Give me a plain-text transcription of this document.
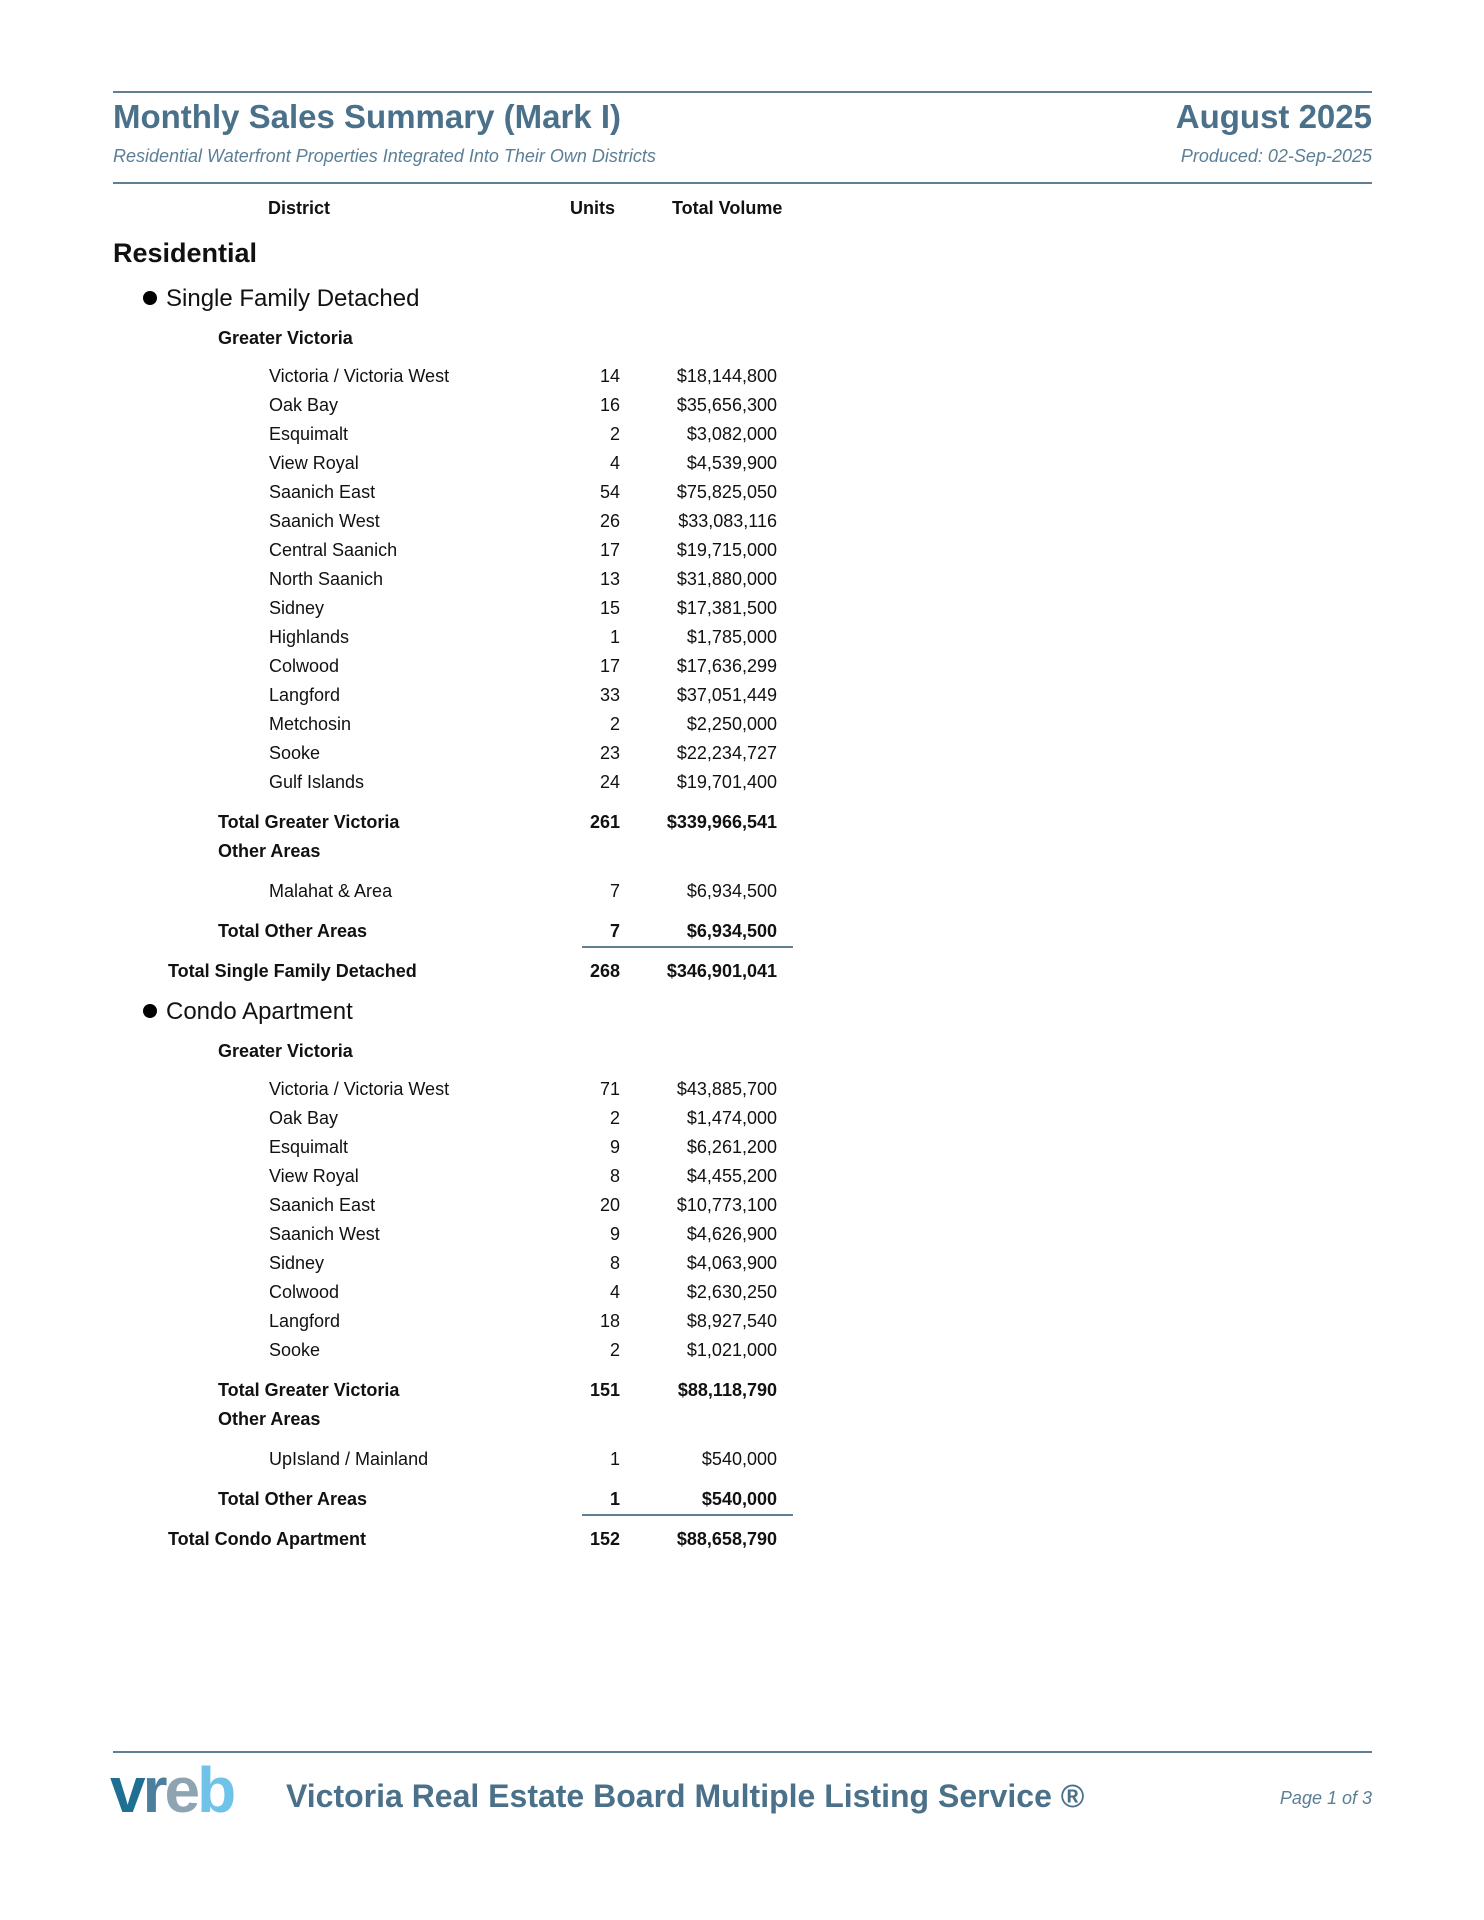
Monthly Sales Summary (Mark I)
Residential Waterfront Properties Integrated Into Their Own Districts
August 2025
Produced: 02-Sep-2025
District	Units	Total Volume
Residential
Single Family Detached
Greater Victoria
Victoria / Victoria West	14	$18,144,800
Oak Bay	16	$35,656,300
Esquimalt	2	$3,082,000
View Royal	4	$4,539,900
Saanich East	54	$75,825,050
Saanich West	26	$33,083,116
Central Saanich	17	$19,715,000
North Saanich	13	$31,880,000
Sidney	15	$17,381,500
Highlands	1	$1,785,000
Colwood	17	$17,636,299
Langford	33	$37,051,449
Metchosin	2	$2,250,000
Sooke	23	$22,234,727
Gulf Islands	24	$19,701,400
Total Greater Victoria	261	$339,966,541
Other Areas
Malahat & Area	7	$6,934,500
Total Other Areas	7	$6,934,500
Total Single Family Detached	268	$346,901,041
Condo Apartment
Greater Victoria
Victoria / Victoria West	71	$43,885,700
Oak Bay	2	$1,474,000
Esquimalt	9	$6,261,200
View Royal	8	$4,455,200
Saanich East	20	$10,773,100
Saanich West	9	$4,626,900
Sidney	8	$4,063,900
Colwood	4	$2,630,250
Langford	18	$8,927,540
Sooke	2	$1,021,000
Total Greater Victoria	151	$88,118,790
Other Areas
UpIsland / Mainland	1	$540,000
Total Other Areas	1	$540,000
Total Condo Apartment	152	$88,658,790
vreb Victoria Real Estate Board Multiple Listing Service ®	Page 1 of 3
